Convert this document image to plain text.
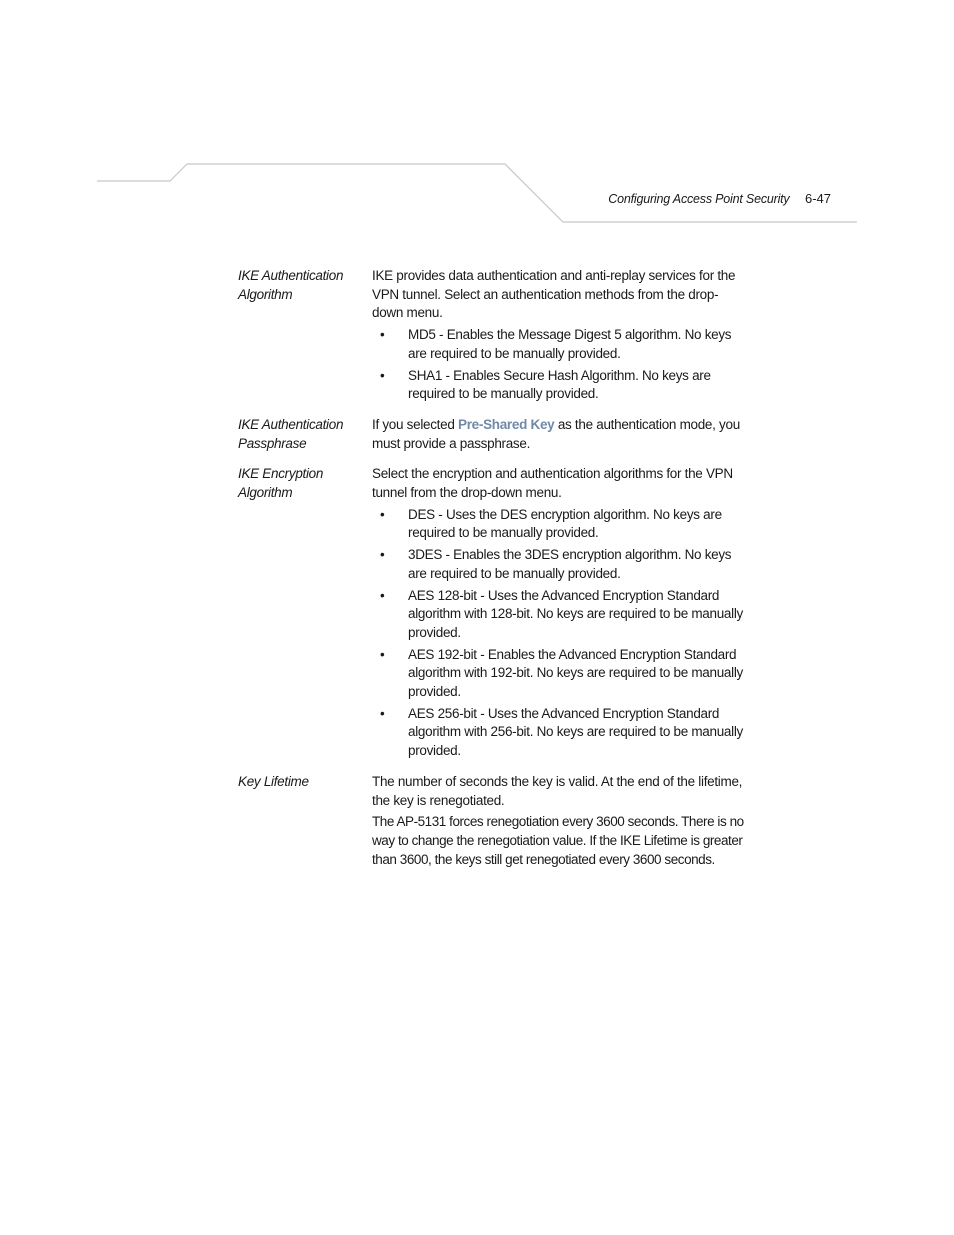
Configuring Access Point Security 6-47
IKE Authentication Algorithm

IKE provides data authentication and anti-replay services for the VPN tunnel. Select an authentication methods from the drop-down menu.

• MD5 - Enables the Message Digest 5 algorithm. No keys are required to be manually provided.
• SHA1 - Enables Secure Hash Algorithm. No keys are required to be manually provided.
IKE Authentication Passphrase

If you selected Pre-Shared Key as the authentication mode, you must provide a passphrase.

IKE Encryption Algorithm

Select the encryption and authentication algorithms for the VPN tunnel from the drop-down menu.

• DES - Uses the DES encryption algorithm. No keys are required to be manually provided.
• 3DES - Enables the 3DES encryption algorithm. No keys are required to be manually provided.
• AES 128-bit - Uses the Advanced Encryption Standard algorithm with 128-bit. No keys are required to be manually provided.
• AES 192-bit - Enables the Advanced Encryption Standard algorithm with 192-bit. No keys are required to be manually provided.
• AES 256-bit - Uses the Advanced Encryption Standard algorithm with 256-bit. No keys are required to be manually provided.
Key Lifetime	The number of seconds the key is valid. At the end of the lifetime, the key is renegotiated.

The AP-5131 forces renegotiation every 3600 seconds. There is no way to change the renegotiation value. If the IKE Lifetime is greater than 3600, the keys still get renegotiated every 3600 seconds.
